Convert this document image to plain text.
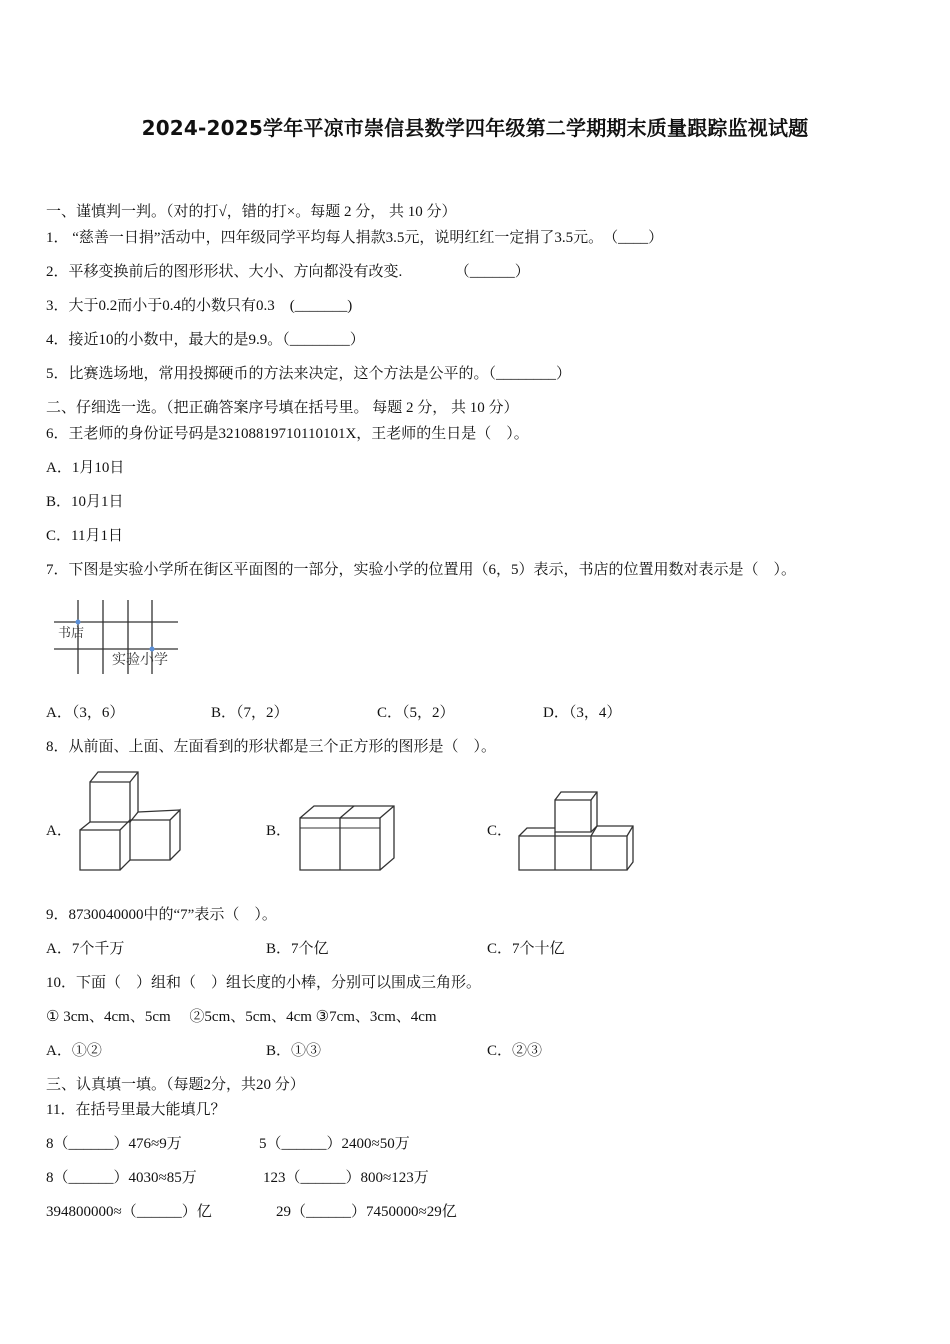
2024-2025学年平凉市崇信县数学四年级第二学期期末质量跟踪监视试题
一、谨慎判一判。（对的打√，错的打×。每题 2 分， 共 10 分）
1． “慈善一日捐”活动中，四年级同学平均每人捐款3.5元，说明红红一定捐了3.5元。　（____）
2．平移变换前后的图形形状、大小、方向都没有改变.　　　　（______）
3．大于0.2而小于0.4的小数只有0.3　(_______)
4．接近10的小数中，最大的是9.9。（________）
5．比赛选场地，常用投掷硬币的方法来决定，这个方法是公平的。（________）
二、仔细选一选。（把正确答案序号填在括号里。 每题 2 分， 共 10 分）
6．王老师的身份证号码是32108819710110101X，王老师的生日是（　）。
A．1月10日
B．10月1日
C．11月1日
7．下图是实验小学所在街区平面图的一部分，实验小学的位置用（6，5）表示，书店的位置用数对表示是（　）。
书店
实验小学
A．（3，6）	B．（7，2）	C．（5，2）	D．（3，4）
8．从前面、上面、左面看到的形状都是三个正方形的图形是（　）。
A．	B．	C．
9．8730040000中的“7”表示（　）。
A．7个千万	B．7个亿	C．7个十亿
10．下面（　）组和（　）组长度的小棒，分别可以围成三角形。
① 3cm、4cm、5cm　 ②5cm、5cm、4cm ③7cm、3cm、4cm
A．①②	B．①③	C．②③
三、认真填一填。（每题2分，共20 分）
11．在括号里最大能填几？
8（______）476≈9万	5（______）2400≈50万
8（______）4030≈85万	123（______）800≈123万
394800000≈（______）亿	29（______）7450000≈29亿
